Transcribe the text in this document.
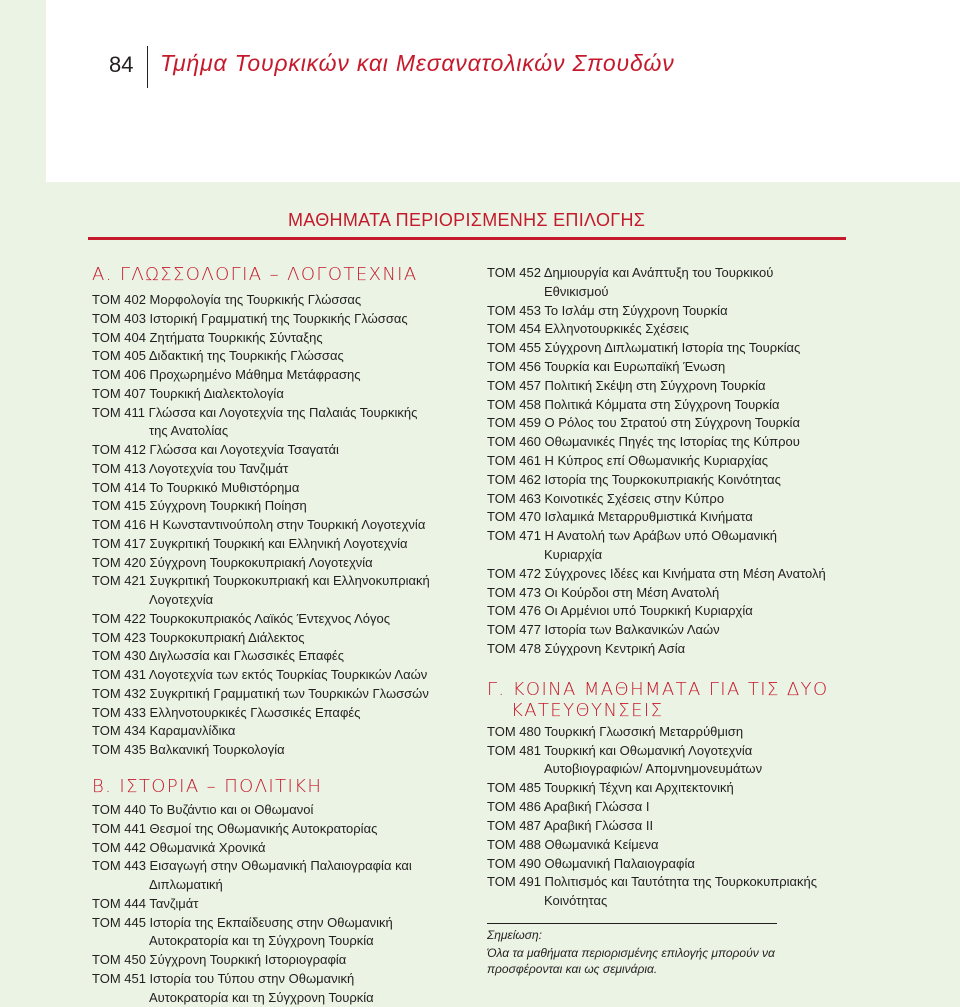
84 Τμήμα Τουρκικών και Μεσανατολικών Σπουδών
ΜΑΘΗΜΑΤΑ ΠΕΡΙΟΡΙΣΜΕΝΗΣ ΕΠΙΛΟΓΗΣ
Α. ΓΛΩΣΣΟΛΟΓΙΑ – ΛΟΓΟΤΕΧΝΙΑ
ΤΟΜ 402 Μορφολογία της Τουρκικής Γλώσσας
ΤΟΜ 403 Ιστορική Γραμματική της Τουρκικής Γλώσσας
ΤΟΜ 404 Ζητήματα Τουρκικής Σύνταξης
ΤΟΜ 405 Διδακτική της Τουρκικής Γλώσσας
ΤΟΜ 406 Προχωρημένο Μάθημα Μετάφρασης
ΤΟΜ 407 Τουρκική Διαλεκτολογία
ΤΟΜ 411 Γλώσσα και Λογοτεχνία της Παλαιάς Τουρκικής

της Ανατολίας
ΤΟΜ 412 Γλώσσα και Λογοτεχνία Τσαγατάι
ΤΟΜ 413 Λογοτεχνία του Τανζιμάτ
ΤΟΜ 414 Το Τουρκικό Μυθιστόρημα
ΤΟΜ 415 Σύγχρονη Τουρκική Ποίηση
ΤΟΜ 416 Η Κωνσταντινούπολη στην Τουρκική Λογοτεχνία
ΤΟΜ 417 Συγκριτική Τουρκική και Ελληνική Λογοτεχνία
ΤΟΜ 420 Σύγχρονη Τουρκοκυπριακή Λογοτεχνία
ΤΟΜ 421 Συγκριτική Τουρκοκυπριακή και Ελληνοκυπριακή

Λογοτεχνία
ΤΟΜ 422 Τουρκοκυπριακός Λαϊκός Έντεχνος Λόγος
ΤΟΜ 423 Τουρκοκυπριακή Διάλεκτος
ΤΟΜ 430 Διγλωσσία και Γλωσσικές Επαφές
ΤΟΜ 431 Λογοτεχνία των εκτός Τουρκίας Τουρκικών Λαών
ΤΟΜ 432 Συγκριτική Γραμματική των Τουρκικών Γλωσσών
ΤΟΜ 433 Ελληνοτουρκικές Γλωσσικές Επαφές
ΤΟΜ 434 Καραμανλίδικα
ΤΟΜ 435 Βαλκανική Τουρκολογία
Β. ΙΣΤΟΡΙΑ – ΠΟΛΙΤΙΚΗ
ΤΟΜ 440 Το Βυζάντιο και οι Οθωμανοί
ΤΟΜ 441 Θεσμοί της Οθωμανικής Αυτοκρατορίας
ΤΟΜ 442 Οθωμανικά Χρονικά
ΤΟΜ 443 Εισαγωγή στην Οθωμανική Παλαιογραφία και

Διπλωματική
ΤΟΜ 444 Τανζιμάτ
ΤΟΜ 445 Ιστορία της Εκπαίδευσης στην Οθωμανική

Αυτοκρατορία και τη Σύγχρονη Τουρκία
ΤΟΜ 450 Σύγχρονη Τουρκική Ιστοριογραφία
ΤΟΜ 451 Ιστορία του Τύπου στην Οθωμανική

Αυτοκρατορία και τη Σύγχρονη Τουρκία
ΤΟΜ 452 Δημιουργία και Ανάπτυξη του Τουρκικού

Εθνικισμού
ΤΟΜ 453 Το Ισλάμ στη Σύγχρονη Τουρκία
ΤΟΜ 454 Ελληνοτουρκικές Σχέσεις
ΤΟΜ 455 Σύγχρονη Διπλωματική Ιστορία της Τουρκίας
ΤΟΜ 456 Τουρκία και Ευρωπαϊκή Ένωση
ΤΟΜ 457 Πολιτική Σκέψη στη Σύγχρονη Τουρκία
ΤΟΜ 458 Πολιτικά Κόμματα στη Σύγχρονη Τουρκία
ΤΟΜ 459 Ο Ρόλος του Στρατού στη Σύγχρονη Τουρκία
ΤΟΜ 460 Οθωμανικές Πηγές της Ιστορίας της Κύπρου
ΤΟΜ 461 Η Κύπρος επί Οθωμανικής Κυριαρχίας
ΤΟΜ 462 Ιστορία της Τουρκοκυπριακής Κοινότητας
ΤΟΜ 463 Κοινοτικές Σχέσεις στην Κύπρο
ΤΟΜ 470 Ισλαμικά Μεταρρυθμιστικά Κινήματα
ΤΟΜ 471 Η Ανατολή των Αράβων υπό Οθωμανική

Κυριαρχία
ΤΟΜ 472 Σύγχρονες Ιδέες και Κινήματα στη Μέση Ανατολή
ΤΟΜ 473 Οι Κούρδοι στη Μέση Ανατολή
ΤΟΜ 476 Οι Αρμένιοι υπό Τουρκική Κυριαρχία
ΤΟΜ 477 Ιστορία των Βαλκανικών Λαών
ΤΟΜ 478 Σύγχρονη Κεντρική Ασία
Γ. ΚΟΙΝΑ ΜΑΘΗΜΑΤΑ ΓΙΑ ΤΙΣ ΔΥΟ
ΚΑΤΕΥΘΥΝΣΕΙΣ
ΤΟΜ 480 Τουρκική Γλωσσική Μεταρρύθμιση
ΤΟΜ 481 Τουρκική και Οθωμανική Λογοτεχνία

Αυτοβιογραφιών/ Απομνημονευμάτων
ΤΟΜ 485 Τουρκική Τέχνη και Αρχιτεκτονική
ΤΟΜ 486 Αραβική Γλώσσα Ι
ΤΟΜ 487 Αραβική Γλώσσα ΙΙ
ΤΟΜ 488 Οθωμανικά Κείμενα
ΤΟΜ 490 Οθωμανική Παλαιογραφία
ΤΟΜ 491 Πολιτισμός και Ταυτότητα της Τουρκοκυπριακής

Κοινότητας
Σημείωση:
Όλα τα μαθήματα περιορισμένης επιλογής μπορούν να προσφέρονται και ως σεμινάρια.
